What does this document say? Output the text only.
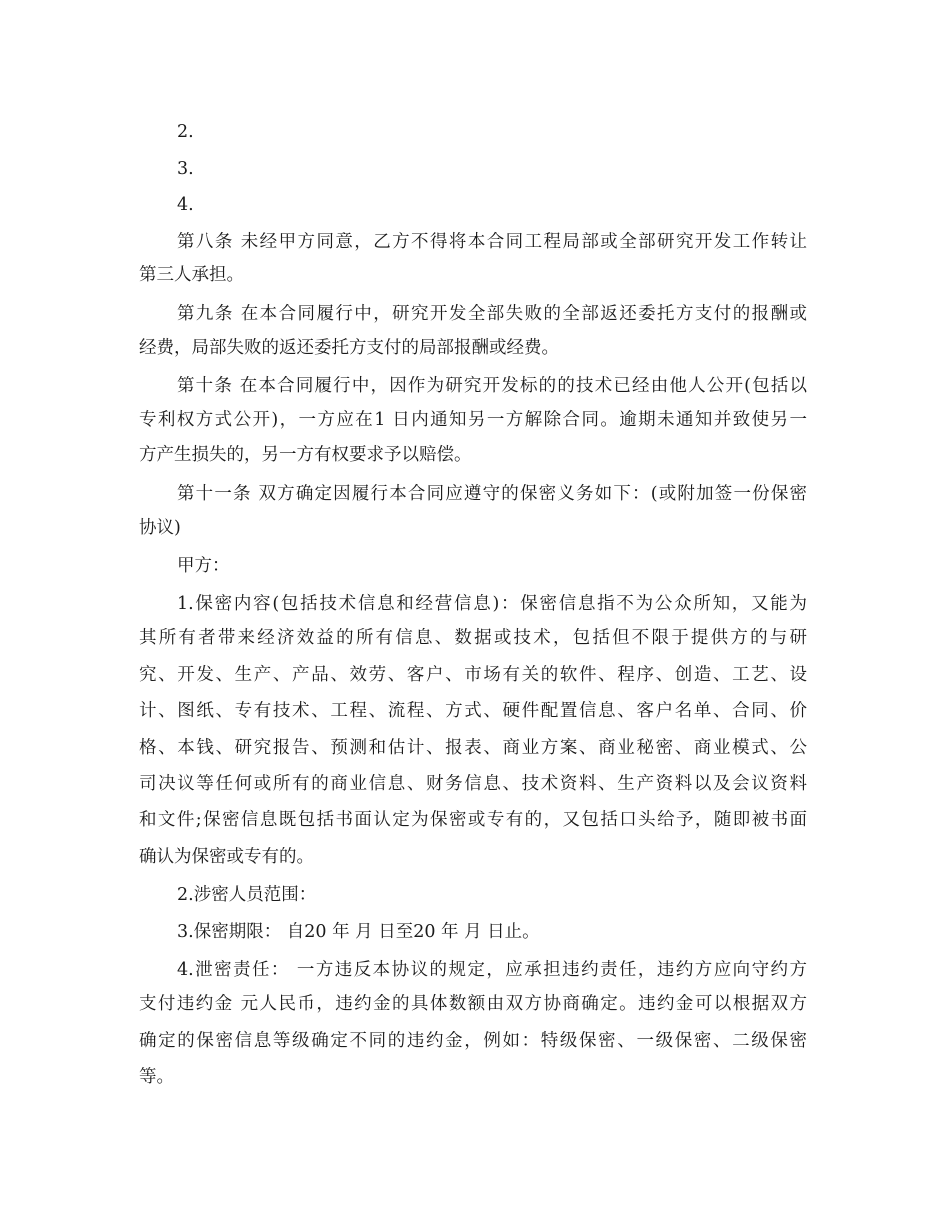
2.
3.
4.
第八条 未经甲方同意，乙方不得将本合同工程局部或全部研究开发工作转让
第三人承担。
第九条 在本合同履行中，研究开发全部失败的全部返还委托方支付的报酬或
经费，局部失败的返还委托方支付的局部报酬或经费。
第十条 在本合同履行中，因作为研究开发标的的技术已经由他人公开(包括以
专利权方式公开)，一方应在1 日内通知另一方解除合同。逾期未通知并致使另一
方产生损失的，另一方有权要求予以赔偿。
第十一条 双方确定因履行本合同应遵守的保密义务如下：(或附加签一份保密
协议)
甲方：
1.保密内容(包括技术信息和经营信息)：保密信息指不为公众所知，又能为
其所有者带来经济效益的所有信息、数据或技术，包括但不限于提供方的与研
究、开发、生产、产品、效劳、客户、市场有关的软件、程序、创造、工艺、设
计、图纸、专有技术、工程、流程、方式、硬件配置信息、客户名单、合同、价
格、本钱、研究报告、预测和估计、报表、商业方案、商业秘密、商业模式、公
司决议等任何或所有的商业信息、财务信息、技术资料、生产资料以及会议资料
和文件;保密信息既包括书面认定为保密或专有的，又包括口头给予，随即被书面
确认为保密或专有的。
2.涉密人员范围：
3.保密期限： 自20 年 月 日至20 年 月 日止。
4.泄密责任： 一方违反本协议的规定，应承担违约责任，违约方应向守约方
支付违约金 元人民币，违约金的具体数额由双方协商确定。违约金可以根据双方
确定的保密信息等级确定不同的违约金，例如：特级保密、一级保密、二级保密
等。
